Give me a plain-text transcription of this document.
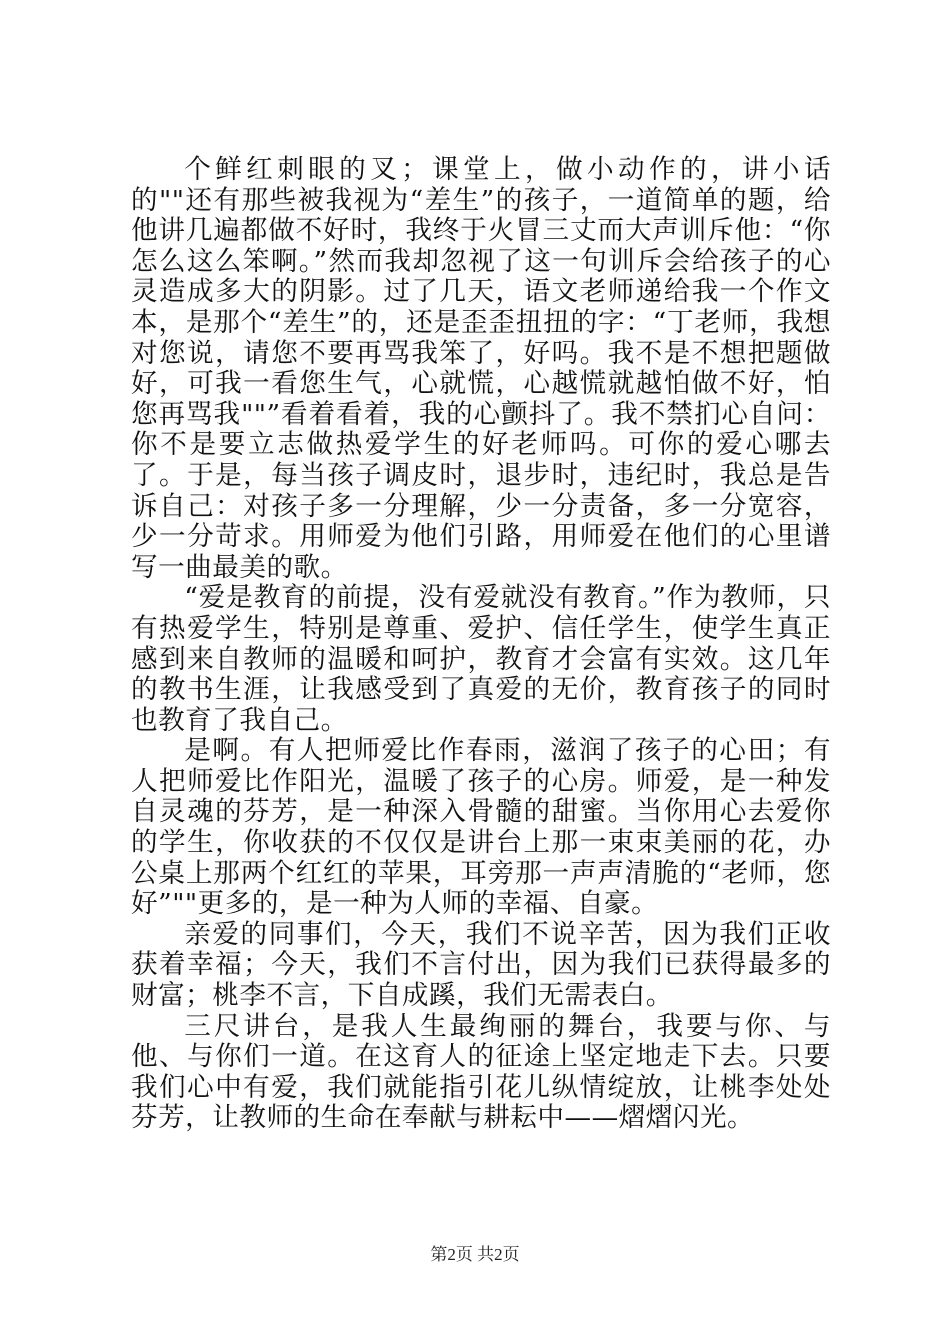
个鲜红刺眼的叉；课堂上，做小动作的，讲小话的""还有那些被我视为“差生”的孩子，一道简单的题，给他讲几遍都做不好时，我终于火冒三丈而大声训斥他：“你怎么这么笨啊。”然而我却忽视了这一句训斥会给孩子的心灵造成多大的阴影。过了几天，语文老师递给我一个作文本，是那个“差生”的，还是歪歪扭扭的字：“丁老师，我想对您说，请您不要再骂我笨了，好吗。我不是不想把题做好，可我一看您生气，心就慌，心越慌就越怕做不好，怕您再骂我""”看着看着，我的心颤抖了。我不禁扪心自问：你不是要立志做热爱学生的好老师吗。可你的爱心哪去了。于是，每当孩子调皮时，退步时，违纪时，我总是告诉自己：对孩子多一分理解，少一分责备，多一分宽容，少一分苛求。用师爱为他们引路，用师爱在他们的心里谱写一曲最美的歌。

“爱是教育的前提，没有爱就没有教育。”作为教师，只有热爱学生，特别是尊重、爱护、信任学生，使学生真正感到来自教师的温暖和呵护，教育才会富有实效。这几年的教书生涯，让我感受到了真爱的无价，教育孩子的同时也教育了我自己。

是啊。有人把师爱比作春雨，滋润了孩子的心田；有人把师爱比作阳光，温暖了孩子的心房。师爱，是一种发自灵魂的芬芳，是一种深入骨髓的甜蜜。当你用心去爱你的学生，你收获的不仅仅是讲台上那一束束美丽的花，办公桌上那两个红红的苹果，耳旁那一声声清脆的“老师，您好”""更多的，是一种为人师的幸福、自豪。

亲爱的同事们，今天，我们不说辛苦，因为我们正收获着幸福；今天，我们不言付出，因为我们已获得最多的财富；桃李不言，下自成蹊，我们无需表白。

三尺讲台，是我人生最绚丽的舞台，我要与你、与他、与你们一道。在这育人的征途上坚定地走下去。只要我们心中有爱，我们就能指引花儿纵情绽放，让桃李处处芬芳，让教师的生命在奉献与耕耘中——熠熠闪光。

第2页 共2页
